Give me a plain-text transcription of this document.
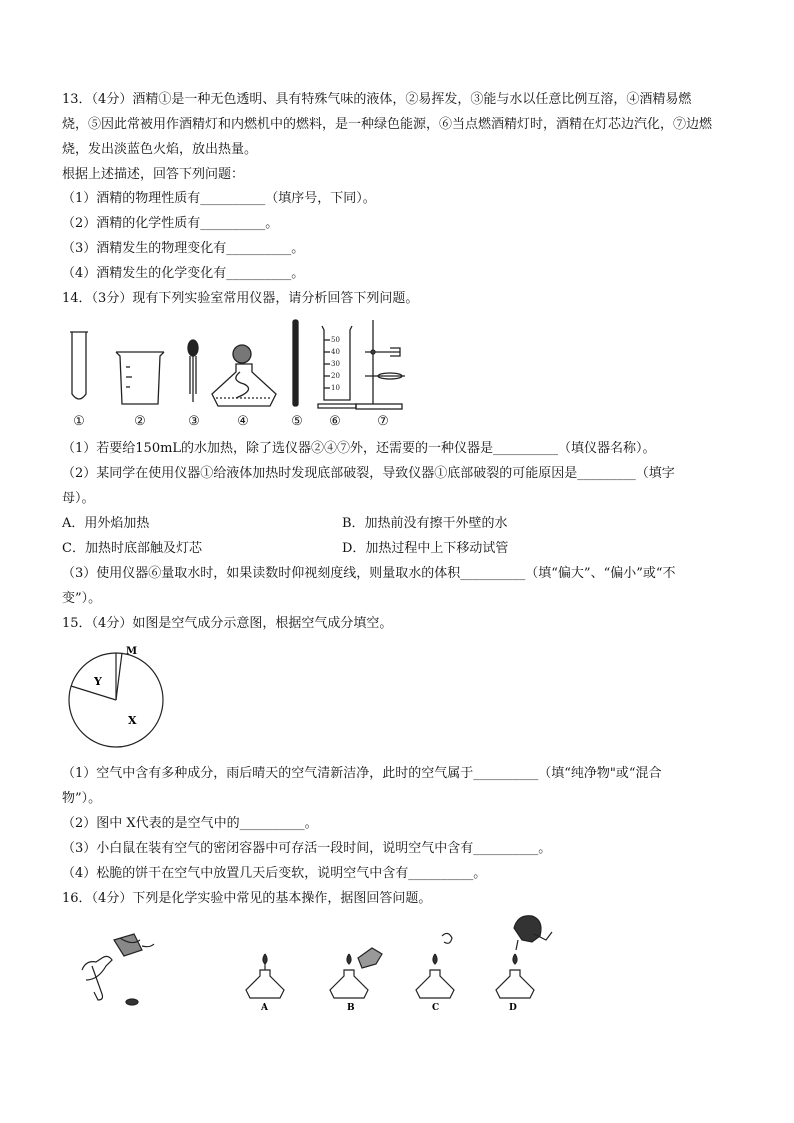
13．（4分）酒精①是一种无色透明、具有特殊气味的液体，②易挥发，③能与水以任意比例互溶，④酒精易燃
烧，⑤因此常被用作酒精灯和内燃机中的燃料，是一种绿色能源，⑥当点燃酒精灯时，酒精在灯芯边汽化，⑦边燃
烧，发出淡蓝色火焰，放出热量。
根据上述描述，回答下列问题：
（1）酒精的物理性质有__________（填序号，下同）。
（2）酒精的化学性质有__________。
（3）酒精发生的物理变化有__________。
（4）酒精发生的化学变化有__________。
14．（3分）现有下列实验室常用仪器，请分析回答下列问题。
50
40
30
20
10
①	②	③	④	⑤	⑥	⑦
（1）若要给150mL的水加热，除了选仪器②④⑦外，还需要的一种仪器是__________（填仪器名称）。
（2）某同学在使用仪器①给液体加热时发现底部破裂，导致仪器①底部破裂的可能原因是_________（填字
母）。
A．用外焰加热	B．加热前没有擦干外壁的水
C．加热时底部触及灯芯	D．加热过程中上下移动试管
（3）使用仪器⑥量取水时，如果读数时仰视刻度线，则量取水的体积__________（填“偏大”、“偏小”或“不
变”）。
15．（4分）如图是空气成分示意图，根据空气成分填空。
M
Y
X
（1）空气中含有多种成分，雨后晴天的空气清新洁净，此时的空气属于__________（填“纯净物"或“混合
物”）。
（2）图中 X代表的是空气中的__________。
（3）小白鼠在装有空气的密闭容器中可存活一段时间，说明空气中含有__________。
（4）松脆的饼干在空气中放置几天后变软，说明空气中含有__________。
16．（4分）下列是化学实验中常见的基本操作，据图回答问题。
A	B	C	D
